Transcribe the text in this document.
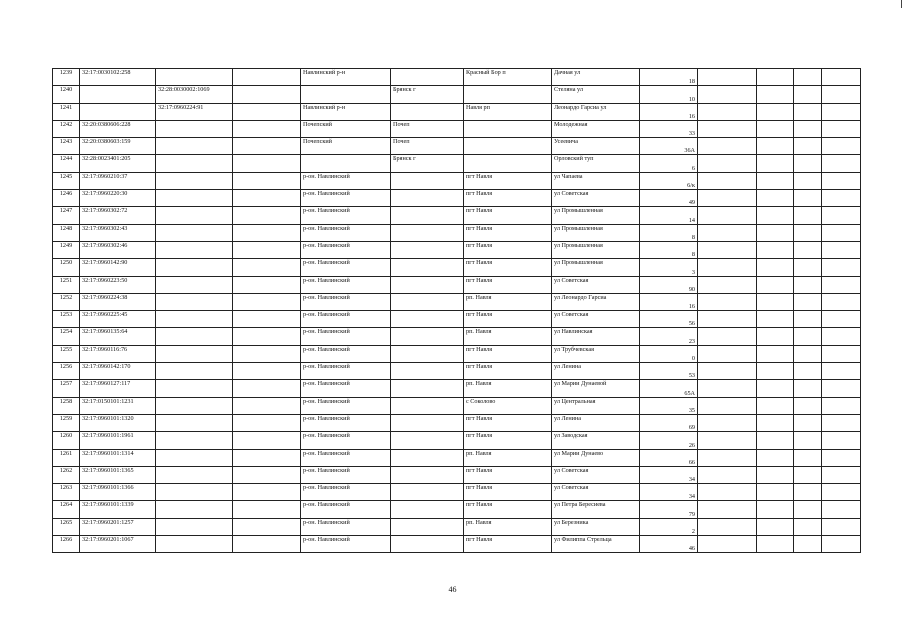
1239	32:17:0030102:258			Навлинский р-н		Красный Бор п	Дачная ул	18				
1240		32:28:0030002:1069			Брянск г		Стеляна ул	10				
1241		32:17:0960224:91		Навлинский р-н		Навля рп	Леонардо Гарсиа ул	16				
1242	32:20:0380606:228			Почепский	Почеп		Молодежная	33				
1243	32:20:0380603:159			Почепский	Почеп		Усеевича	36А				
1244	32:28:0023401:205				Брянск г		Орловский туп	6				
1245	32:17:0960210:37			р-он. Навлинский		пгт Навля	ул Чапаева	6/к				
1246	32:17:0960220:30			р-он. Навлинский		пгт Навля	ул Советская	49				
1247	32:17:0960302:72			р-он. Навлинский		пгт Навля	ул Промышленная	14				
1248	32:17:0960302:43			р-он. Навлинский		пгт Навля	ул Промышленная	8				
1249	32:17:0960302:46			р-он. Навлинский		пгт Навля	ул Промышленная	8				
1250	32:17:0960142:90			р-он. Навлинский		пгт Навля	ул Промышленная	3				
1251	32:17:0960223:50			р-он. Навлинский		пгт Навля	ул Советская	90				
1252	32:17:0960224:38			р-он. Навлинский		рп. Навля	ул Леонардо Гарсиа	16				
1253	32:17:0960225:45			р-он. Навлинский		пгт Навля	ул Советская	56				
1254	32:17:0960135:64			р-он. Навлинский		рп. Навля	ул Навлинская	23				
1255	32:17:0960116:76			р-он. Навлинский		пгт Навля	ул Трубчевская	0				
1256	32:17:0960142:170			р-он. Навлинский		пгт Навля	ул Ленина	53				
1257	32:17:0960127:117			р-он. Навлинский		рп. Навля	ул Марии Дунаевой	65А				
1258	32:17:0150101:1231			р-он. Навлинский		с Соколово	ул Центральная	35				
1259	32:17:0960101:1320			р-он. Навлинский		пгт Навля	ул Ленина	69				
1260	32:17:0960101:1961			р-он. Навлинский		пгт Навля	ул Заводская	26				
1261	32:17:0960101:1314			р-он. Навлинский		рп. Навля	ул Марии Дунаево	66				
1262	32:17:0960101:1365			р-он. Навлинский		пгт Навля	ул Советская	34				
1263	32:17:0960101:1366			р-он. Навлинский		пгт Навля	ул Советская	34				
1264	32:17:0960101:1339			р-он. Навлинский		пгт Навля	ул Петра Бересиева	79				
1265	32:17:0960201:1257			р-он. Навлинский		рп. Навля	ул Березника	2				
1266	32:17:0960201:1067			р-он. Навлинский		пгт Навля	ул Филиппа Стрельца	46				
46
